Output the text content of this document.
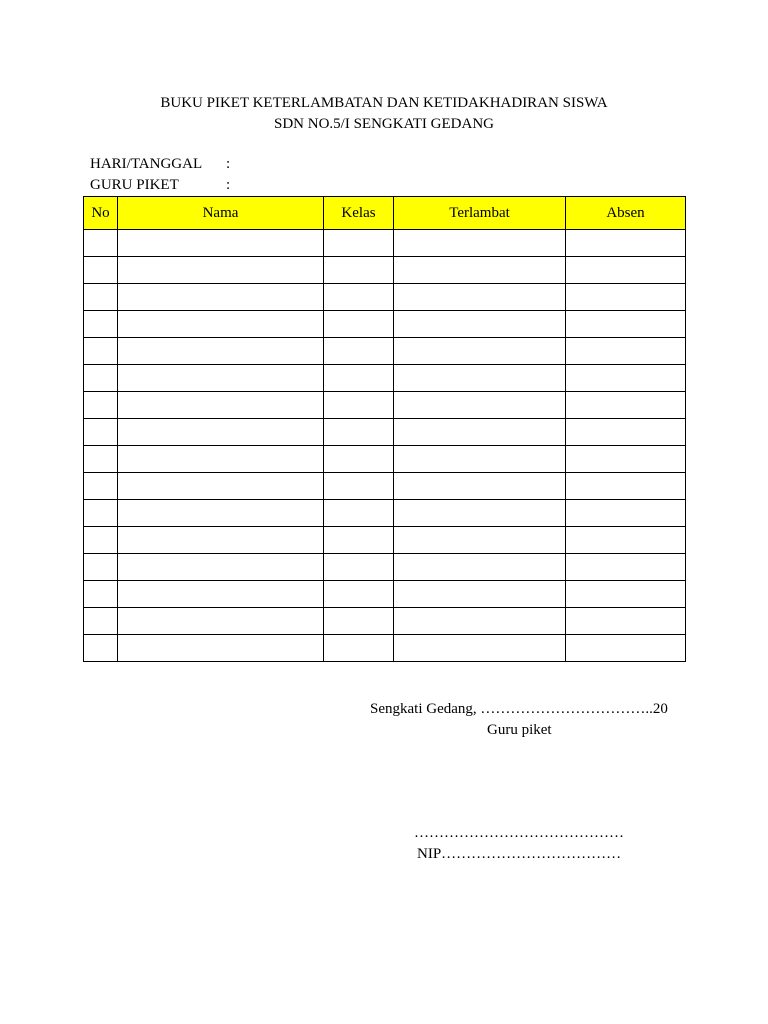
BUKU PIKET KETERLAMBATAN DAN KETIDAKHADIRAN SISWA
SDN NO.5/I SENGKATI GEDANG
HARI/TANGGAL :
GURU PIKET	:
No	Nama	Kelas	Terlambat	Absen

Sengkati Gedang, ……………………………..20
Guru piket
……………………………………
NIP………………………………
